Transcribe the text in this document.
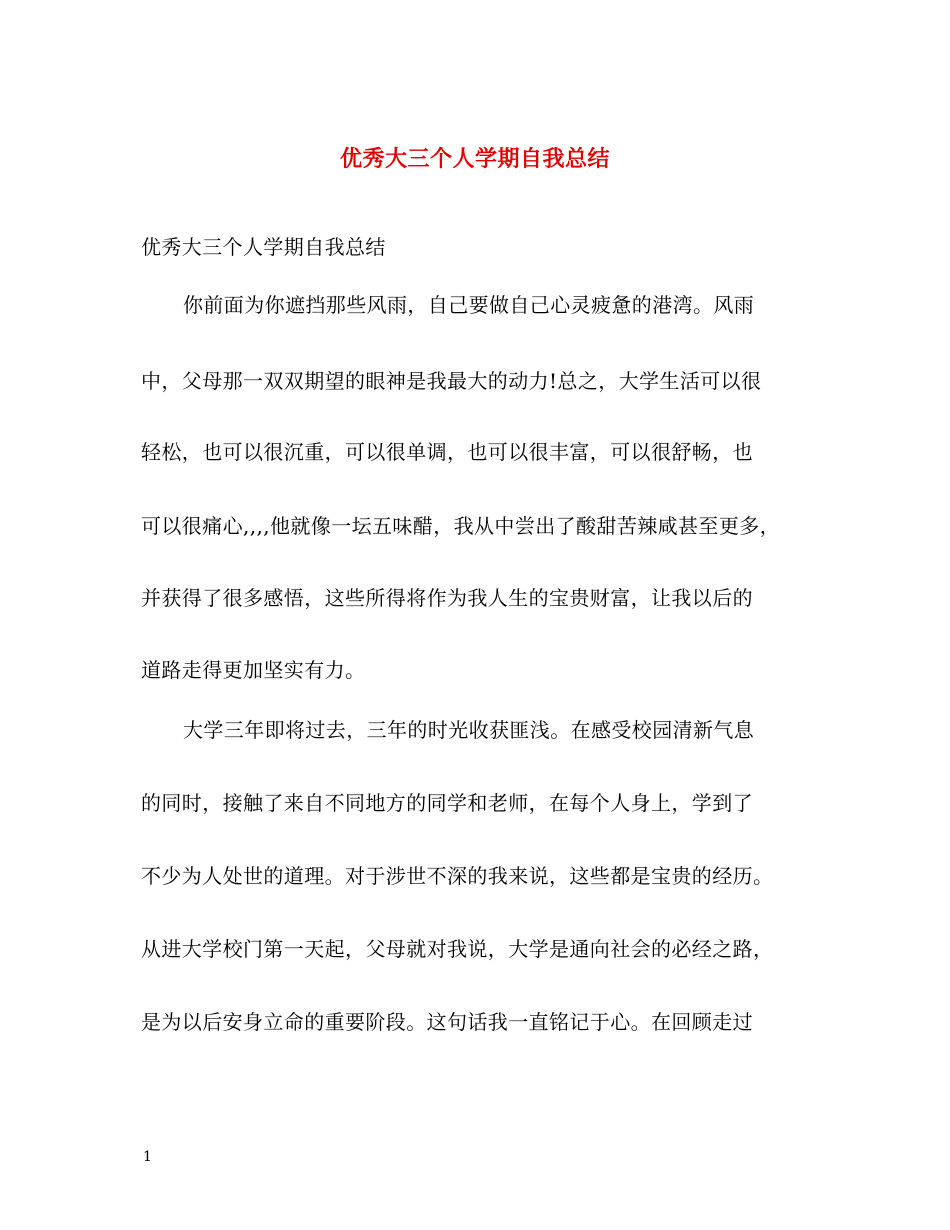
优秀大三个人学期自我总结
优秀大三个人学期自我总结
你前面为你遮挡那些风雨，自己要做自己心灵疲惫的港湾。风雨
中，父母那一双双期望的眼神是我最大的动力!总之，大学生活可以很
轻松，也可以很沉重，可以很单调，也可以很丰富，可以很舒畅，也
可以很痛心,,,,他就像一坛五味醋，我从中尝出了酸甜苦辣咸甚至更多，
并获得了很多感悟，这些所得将作为我人生的宝贵财富，让我以后的
道路走得更加坚实有力。
大学三年即将过去，三年的时光收获匪浅。在感受校园清新气息
的同时，接触了来自不同地方的同学和老师，在每个人身上，学到了
不少为人处世的道理。对于涉世不深的我来说，这些都是宝贵的经历。
从进大学校门第一天起，父母就对我说，大学是通向社会的必经之路，
是为以后安身立命的重要阶段。这句话我一直铭记于心。在回顾走过
1
